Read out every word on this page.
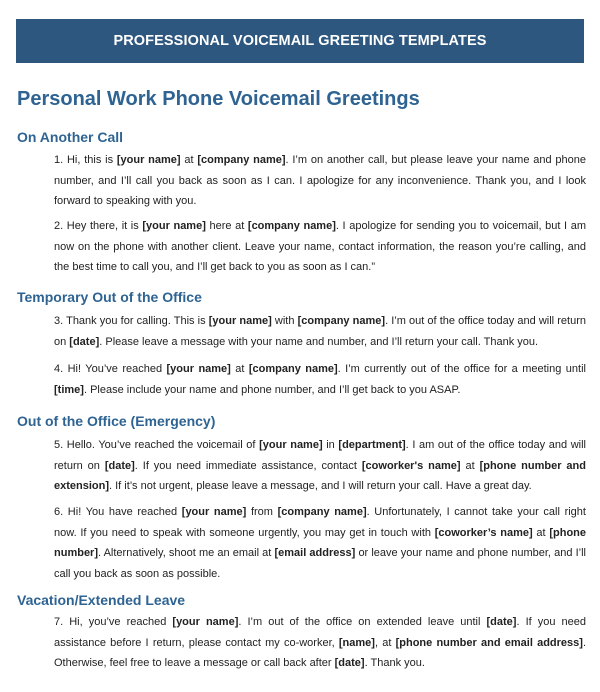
PROFESSIONAL VOICEMAIL GREETING TEMPLATES
Personal Work Phone Voicemail Greetings
On Another Call
1. Hi, this is [your name] at [company name]. I’m on another call, but please leave your name and phone number, and I’ll call you back as soon as I can. I apologize for any inconvenience. Thank you, and I look forward to speaking with you.
2. Hey there, it is [your name] here at [company name]. I apologize for sending you to voicemail, but I am now on the phone with another client. Leave your name, contact information, the reason you’re calling, and the best time to call you, and I’ll get back to you as soon as I can.”
Temporary Out of the Office
3. Thank you for calling. This is [your name] with [company name]. I’m out of the office today and will return on [date]. Please leave a message with your name and number, and I’ll return your call. Thank you.
4. Hi! You’ve reached [your name] at [company name]. I’m currently out of the office for a meeting until [time]. Please include your name and phone number, and I’ll get back to you ASAP.
Out of the Office (Emergency)
5. Hello. You’ve reached the voicemail of [your name] in [department]. I am out of the office today and will return on [date]. If you need immediate assistance, contact [coworker's name] at [phone number and extension]. If it’s not urgent, please leave a message, and I will return your call. Have a great day.
6. Hi! You have reached [your name] from [company name]. Unfortunately, I cannot take your call right now. If you need to speak with someone urgently, you may get in touch with [coworker’s name] at [phone number]. Alternatively, shoot me an email at [email address] or leave your name and phone number, and I’ll call you back as soon as possible.
Vacation/Extended Leave
7. Hi, you’ve reached [your name]. I’m out of the office on extended leave until [date]. If you need assistance before I return, please contact my co-worker, [name], at [phone number and email address]. Otherwise, feel free to leave a message or call back after [date]. Thank you.
